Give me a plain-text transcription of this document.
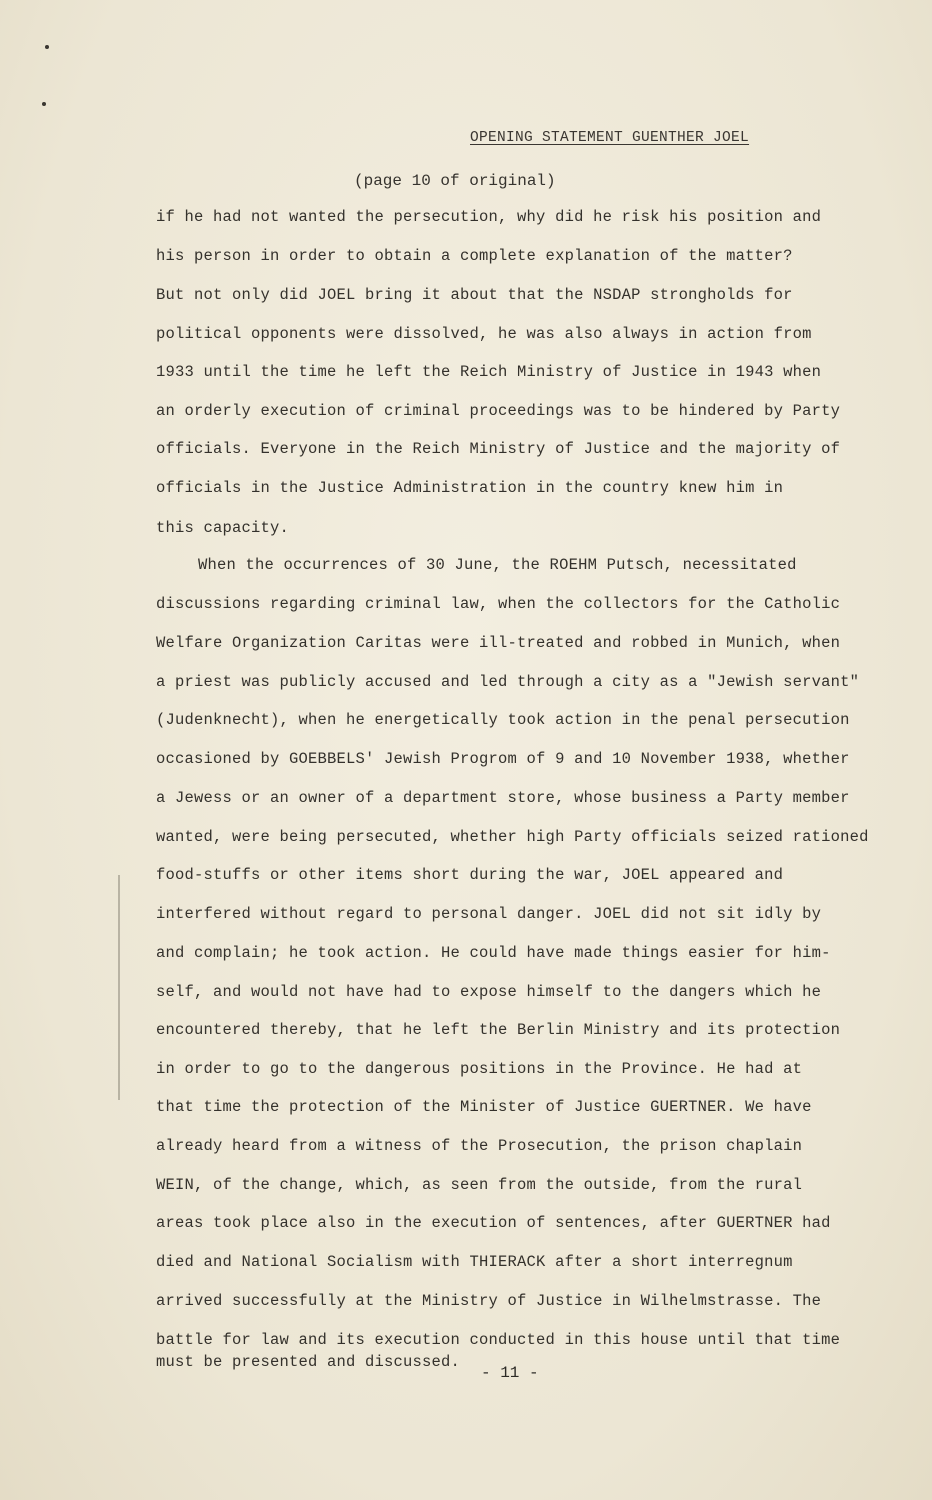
OPENING STATEMENT GUENTHER JOEL
(page 10 of original)
if he had not wanted the persecution, why did he risk his position and
his person in order to obtain a complete explanation of the matter?
But not only did JOEL bring it about that the NSDAP strongholds for
political opponents were dissolved, he was also always in action from
1933 until the time he left the Reich Ministry of Justice in 1943 when
an orderly execution of criminal proceedings was to be hindered by Party
officials. Everyone in the Reich Ministry of Justice and the majority of
officials in the Justice Administration in the country knew him in
this capacity.
When the occurrences of 30 June, the ROEHM Putsch, necessitated
discussions regarding criminal law, when the collectors for the Catholic
Welfare Organization Caritas were ill-treated and robbed in Munich, when
a priest was publicly accused and led through a city as a "Jewish servant"
(Judenknecht), when he energetically took action in the penal persecution
occasioned by GOEBBELS' Jewish Progrom of 9 and 10 November 1938, whether
a Jewess or an owner of a department store, whose business a Party member
wanted, were being persecuted, whether high Party officials seized rationed
food-stuffs or other items short during the war, JOEL appeared and
interfered without regard to personal danger. JOEL did not sit idly by
and complain; he took action. He could have made things easier for him-
self, and would not have had to expose himself to the dangers which he
encountered thereby, that he left the Berlin Ministry and its protection
in order to go to the dangerous positions in the Province. He had at
that time the protection of the Minister of Justice GUERTNER. We have
already heard from a witness of the Prosecution, the prison chaplain
WEIN, of the change, which, as seen from the outside, from the rural
areas took place also in the execution of sentences, after GUERTNER had
died and National Socialism with THIERACK after a short interregnum
arrived successfully at the Ministry of Justice in Wilhelmstrasse. The
battle for law and its execution conducted in this house until that time
must be presented and discussed.
- 11 -
